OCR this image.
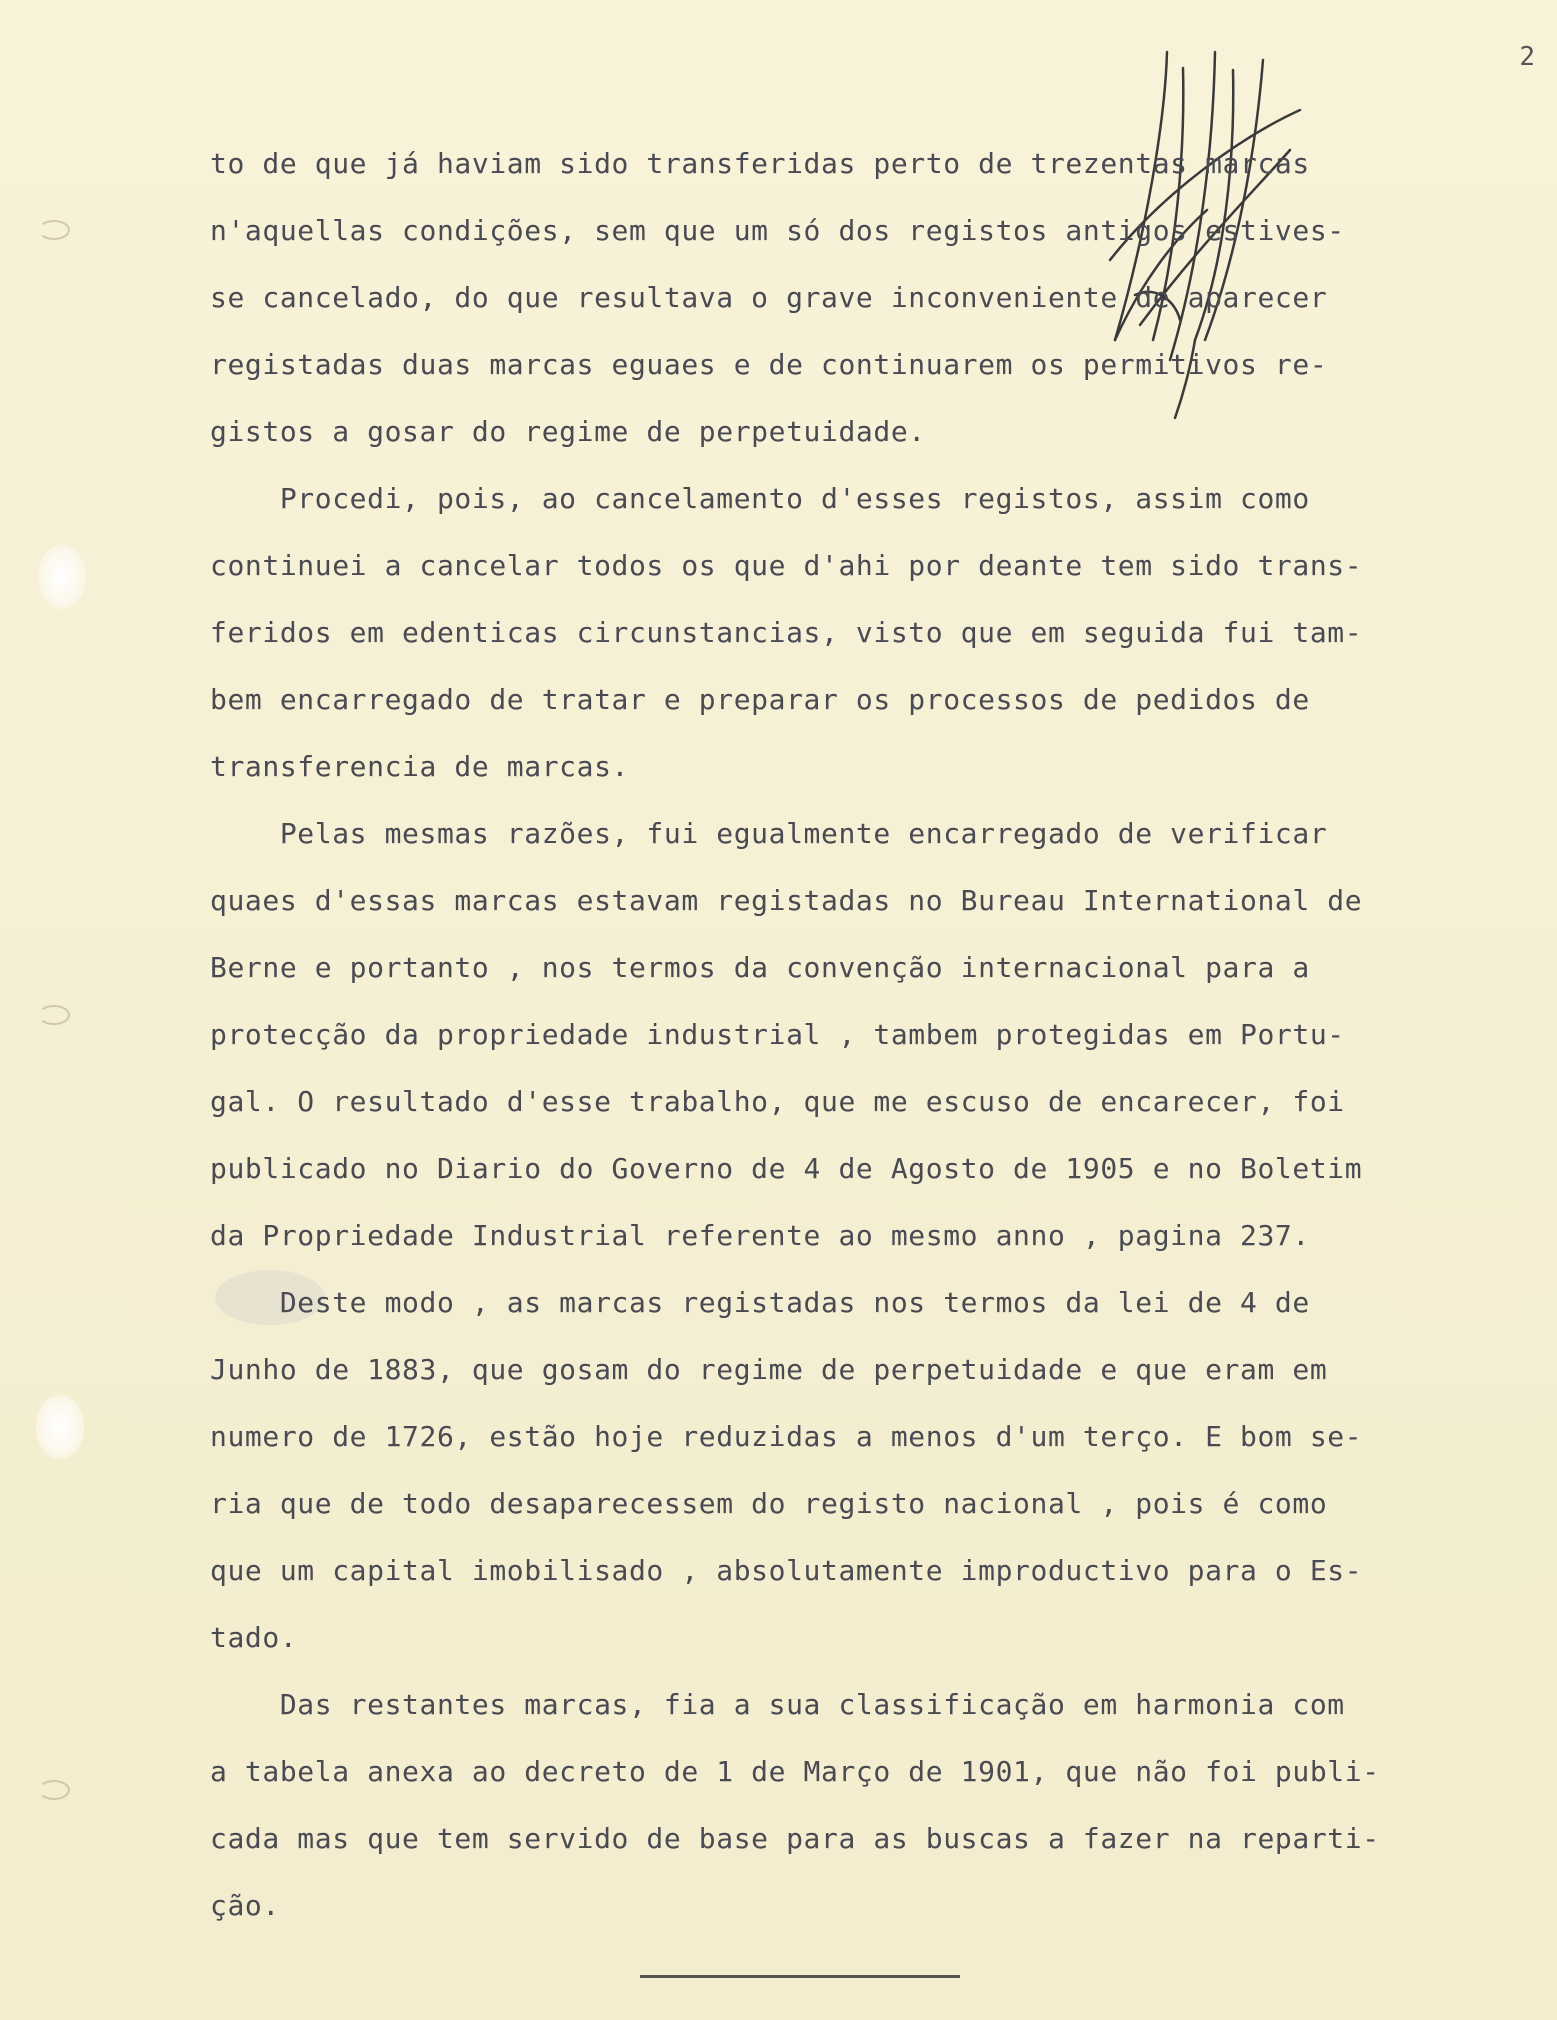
2
to de que já haviam sido transferidas perto de trezentas marcas
n'aquellas condições, sem que um só dos registos antigos estives-
se cancelado, do que resultava o grave inconveniente de aparecer
registadas duas marcas eguaes e de continuarem os permitivos re-
gistos a gosar do regime de perpetuidade.
Procedi, pois, ao cancelamento d'esses registos, assim como
continuei a cancelar todos os que d'ahi por deante tem sido trans-
feridos em edenticas circunstancias, visto que em seguida fui tam-
bem encarregado de tratar e preparar os processos de pedidos de
transferencia de marcas.
Pelas mesmas razões, fui egualmente encarregado de verificar
quaes d'essas marcas estavam registadas no Bureau International de
Berne e portanto , nos termos da convenção internacional para a
protecção da propriedade industrial , tambem protegidas em Portu-
gal. O resultado d'esse trabalho, que me escuso de encarecer, foi
publicado no Diario do Governo de 4 de Agosto de 1905 e no Boletim
da Propriedade Industrial referente ao mesmo anno , pagina 237.
Deste modo , as marcas registadas nos termos da lei de 4 de
Junho de 1883, que gosam do regime de perpetuidade e que eram em
numero de 1726, estão hoje reduzidas a menos d'um terço. E bom se-
ria que de todo desaparecessem do registo nacional , pois é como
que um capital imobilisado , absolutamente improductivo para o Es-
tado.
Das restantes marcas, fia a sua classificação em harmonia com
a tabela anexa ao decreto de 1 de Março de 1901, que não foi publi-
cada mas que tem servido de base para as buscas a fazer na reparti-
ção.
